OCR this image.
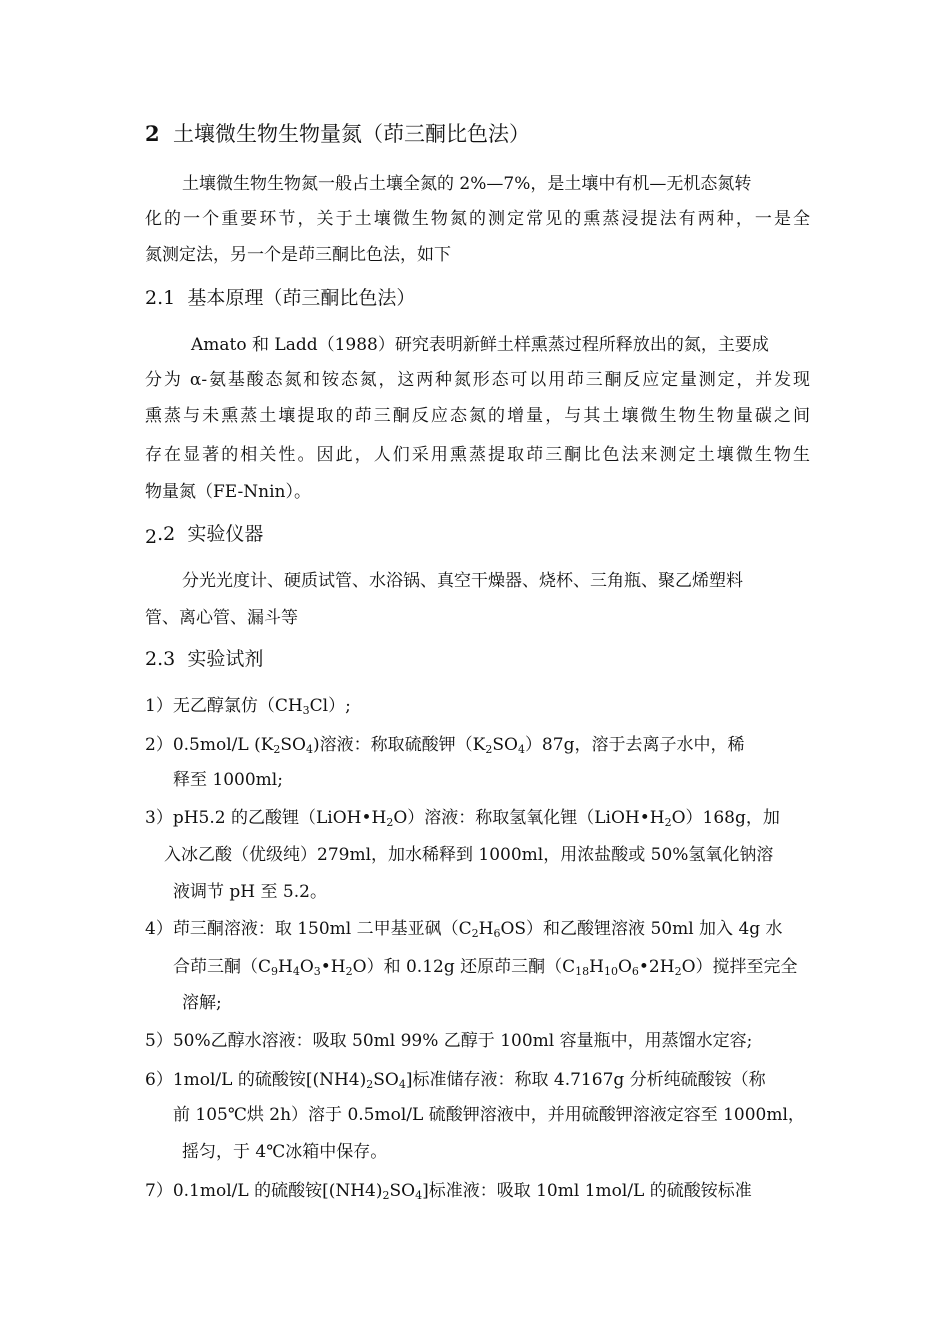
2 土壤微生物生物量氮（茚三酮比色法）
土壤微生物生物氮一般占土壤全氮的 2%—7%，是土壤中有机—无机态氮转
化的一个重要环节，关于土壤微生物氮的测定常见的熏蒸浸提法有两种，一是全
氮测定法，另一个是茚三酮比色法，如下
2.1 基本原理（茚三酮比色法）
Amato 和 Ladd（1988）研究表明新鲜土样熏蒸过程所释放出的氮，主要成
分为 α-氨基酸态氮和铵态氮，这两种氮形态可以用茚三酮反应定量测定，并发现
熏蒸与未熏蒸土壤提取的茚三酮反应态氮的增量，与其土壤微生物生物量碳之间
存在显著的相关性。因此，人们采用熏蒸提取茚三酮比色法来测定土壤微生物生
物量氮（FE-Nnin）。
2.2 实验仪器
分光光度计、硬质试管、水浴锅、真空干燥器、烧杯、三角瓶、聚乙烯塑料
管、离心管、漏斗等
2.3 实验试剂
1）无乙醇氯仿$(CH_3Cl)$;
2）0.5mol/L $(K_2SO_4)$溶液：称取硫酸钾$(K_2SO_4)87g$，溶于去离子水中，稀
释至 1000ml;
3）pH5.2 的乙酸锂$(LiOH•H_2O)$溶液：称取氢氧化锂$(LiOH•H_2O)168g$，加
入冰乙酸（优级纯）279ml，加水稀释到 1000ml，用浓盐酸或 50%氢氧化钠溶
液调节 pH 至 5.2。
4）茚三酮溶液：取 150ml 二甲基亚砜$(C_2H_6OS)$和乙酸锂溶液 50ml 加入 4g 水
合茚三酮$(C_9H_4O_3•H_2O)$和 0.12g 还原茚三酮$(C_{18}H_{10}O_6•2H_2O)$搅拌至完全
溶解;
5）50%乙醇水溶液：吸取 50ml 99% 乙醇于 100ml 容量瓶中，用蒸馏水定容;
6）1mol/L 的硫酸铵$[(NH4)_2SO_4]$标准储存液：称取 4.7167g 分析纯硫酸铵（称
前 105℃烘 2h）溶于 0.5mol/L 硫酸钾溶液中，并用硫酸钾溶液定容至 1000ml，
摇匀，于 4℃冰箱中保存。
7）0.1mol/L 的硫酸铵$[(NH4)_2SO_4]$标准液：吸取 10ml 1mol/L 的硫酸铵标准
